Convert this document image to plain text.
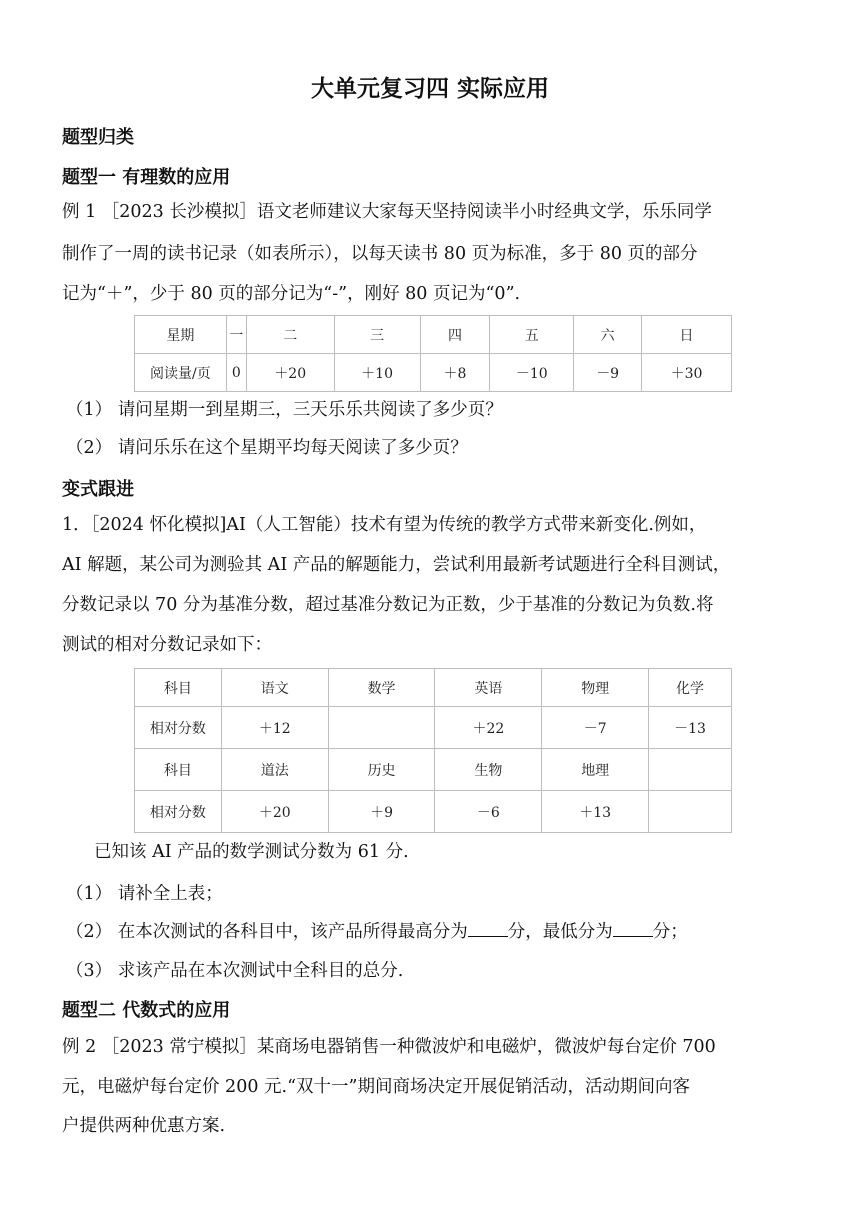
大单元复习四 实际应用
题型归类
题型一 有理数的应用
例 1 ［2023 长沙模拟］语文老师建议大家每天坚持阅读半小时经典文学，乐乐同学
制作了一周的读书记录（如表所示），以每天读书 80 页为标准，多于 80 页的部分
记为“＋”，少于 80 页的部分记为“-”，刚好 80 页记为“0”.
星期	一	二	三	四	五	六	日
阅读量/页	0	＋20	＋10	＋8	－10	－9	＋30
（1） 请问星期一到星期三，三天乐乐共阅读了多少页？
（2） 请问乐乐在这个星期平均每天阅读了多少页？
变式跟进
1．［2024 怀化模拟]AI（人工智能）技术有望为传统的教学方式带来新变化.例如，
AI 解题，某公司为测验其 AI 产品的解题能力，尝试利用最新考试题进行全科目测试，
分数记录以 70 分为基准分数，超过基准分数记为正数，少于基准的分数记为负数.将
测试的相对分数记录如下：
科目	语文	数学	英语	物理	化学
相对分数	＋12		＋22	－7	－13
科目	道法	历史	生物	地理	
相对分数	＋20	＋9	－6	＋13	
已知该 AI 产品的数学测试分数为 61 分.
（1） 请补全上表；
（2） 在本次测试的各科目中，该产品所得最高分为 分，最低分为 分；
（3） 求该产品在本次测试中全科目的总分.
题型二 代数式的应用
例 2 ［2023 常宁模拟］某商场电器销售一种微波炉和电磁炉，微波炉每台定价 700
元，电磁炉每台定价 200 元.“双十一”期间商场决定开展促销活动，活动期间向客
户提供两种优惠方案.
